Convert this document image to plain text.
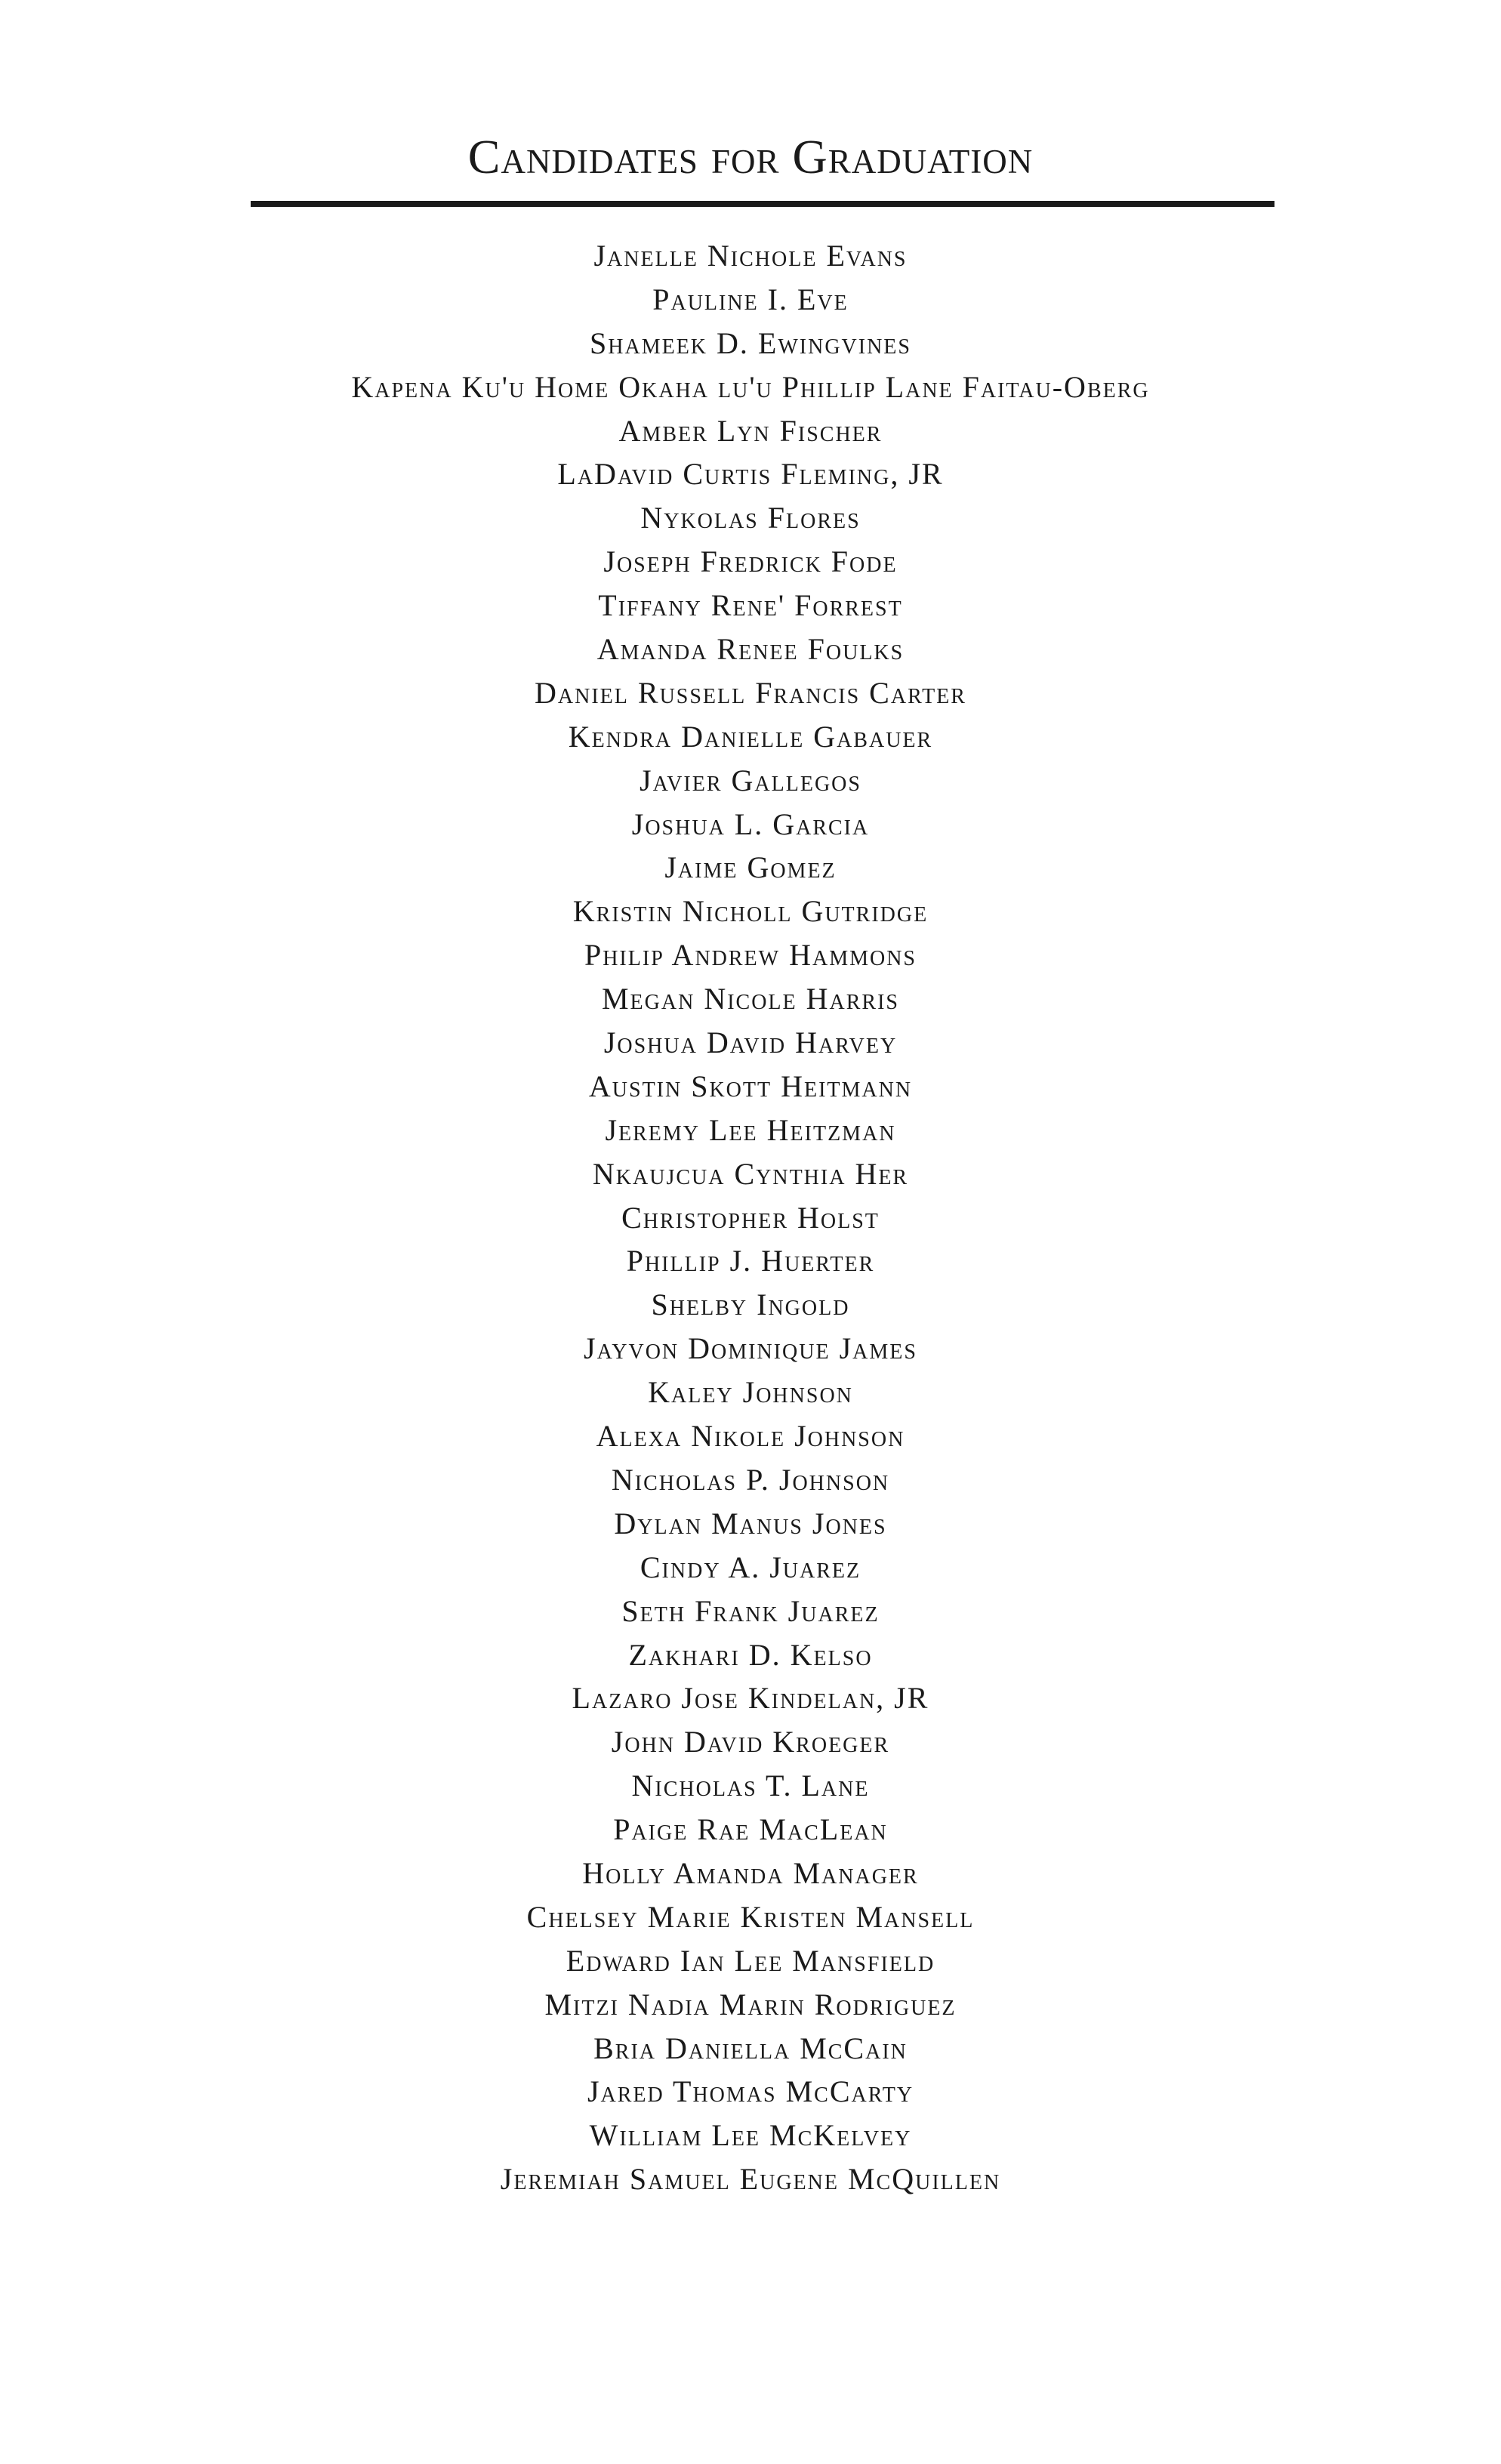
Candidates for Graduation
Janelle Nichole Evans
Pauline I. Eve
Shameek D. Ewingvines
Kapena Ku'u Home Okaha lu'u Phillip Lane Faitau-Oberg
Amber Lyn Fischer
LaDavid Curtis Fleming, JR
Nykolas Flores
Joseph Fredrick Fode
Tiffany Rene' Forrest
Amanda Renee Foulks
Daniel Russell Francis Carter
Kendra Danielle Gabauer
Javier Gallegos
Joshua L. Garcia
Jaime Gomez
Kristin Nicholl Gutridge
Philip Andrew Hammons
Megan Nicole Harris
Joshua David Harvey
Austin Skott Heitmann
Jeremy Lee Heitzman
Nkaujcua Cynthia Her
Christopher Holst
Phillip J. Huerter
Shelby Ingold
Jayvon Dominique James
Kaley Johnson
Alexa Nikole Johnson
Nicholas P. Johnson
Dylan Manus Jones
Cindy A. Juarez
Seth Frank Juarez
Zakhari D. Kelso
Lazaro Jose Kindelan, JR
John David Kroeger
Nicholas T. Lane
Paige Rae MacLean
Holly Amanda Manager
Chelsey Marie Kristen Mansell
Edward Ian Lee Mansfield
Mitzi Nadia Marin Rodriguez
Bria Daniella McCain
Jared Thomas McCarty
William Lee McKelvey
Jeremiah Samuel Eugene McQuillen
